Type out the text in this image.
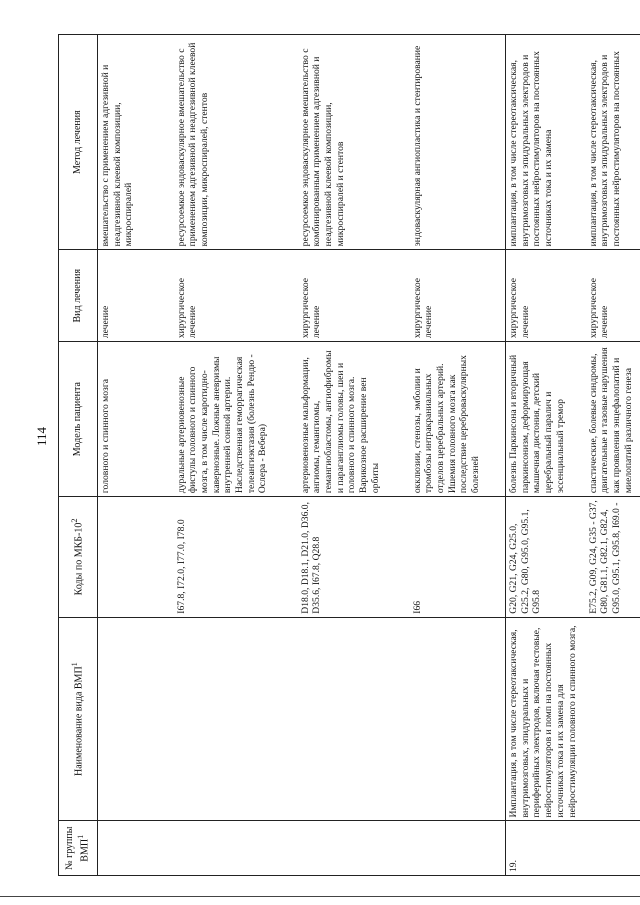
114
№ группы ВМП$^1$	Наименование вида ВМП$^1$	Коды по МКБ-$10^2$	Модель пациента	Вид лечения	Метод лечения
			головного и спинного мозга	лечение	вмешательство с применением адгезивной и неадгезивной клеевой композиции, микроспиралей
		I67.8, I72.0, I77.0, I78.0	дуральные артериовенозные фистулы головного и спинного мозга, в том числе каротидно-кавернозные. Ложные аневризмы внутренней сонной артерии. Наследственная геморрагическая телеангиэктазия (болезнь Рендю - Ослера - Вебера)	хирургическое лечение	ресурсоемкое эндоваскулярное вмешательство с применением адгезивной и неадгезивной клеевой композиции, микроспиралей, стентов
		D18.0, D18.1, D21.0, D36.0, D35.6, I67.8, Q28.8	артериовенозные мальформации, ангиомы, гемангиомы, гемангиобластомы, ангиофибромы и параганглиомы головы, шеи и головного и спинного мозга. Варикозное расширение вен орбиты	хирургическое лечение	ресурсоемкое эндоваскулярное вмешательство с комбинированным применением адгезивной и неадгезивной клеевой композиции, микроспиралей и стентов
		I66	окклюзии, стенозы, эмболии и тромбозы интракраниальных отделов церебральных артерий. Ишемия головного мозга как последствие цереброваскулярных болезней	хирургическое лечение	эндоваскулярная ангиопластика и стентирование
19.	Имплантация, в том числе стереотаксическая, внутримозговых, эпидуральных и периферийных электродов, включая тестовые, нейростимуляторов и помп на постоянных источниках тока и их замена для нейростимуляции головного и спинного мозга,	G20, G21, G24, G25.0, G25.2, G80, G95.0, G95.1, G95.8	болезнь Паркинсона и вторичный паркинсонизм, деформирующая мышечная дистония, детский церебральный паралич и эссенциальный тремор	хирургическое лечение	имплантация, в том числе стереотаксическая, внутримозговых и эпидуральных электродов и постоянных нейростимуляторов на постоянных источниках тока и их замена
		E75.2, G09, G24, G35 - G37, G80, G81.1, G82.1, G82.4, G95.0, G95.1, G95.8, I69.0 -	спастические, болевые синдромы, двигательные и тазовые нарушения как проявления энцефалопатий и миелопатий различного генеза	хирургическое лечение	имплантация, в том числе стереотаксическая, внутримозговых и эпидуральных электродов и постоянных нейростимуляторов на постоянных
